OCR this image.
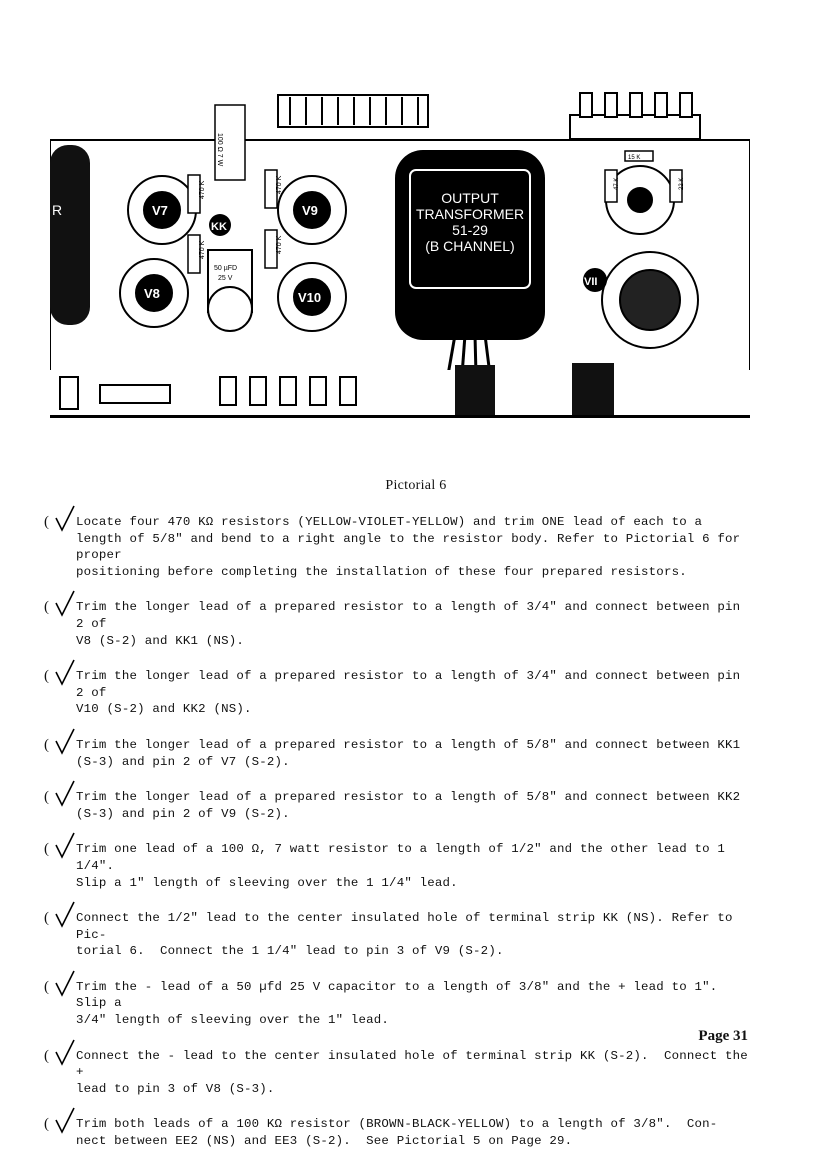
R	V7	V9
V8	V10
VII
KK
470 K	470 K
470 K	470 K
100 Ω 7 W
50 µFD
25 V
OUTPUT
TRANSFORMER
51-29
(B CHANNEL)
47 K	22 K
15 K
Pictorial 6
( Locate four 470 KΩ resistors (YELLOW-VIOLET-YELLOW) and trim ONE lead of each to a
length of 5/8" and bend to a right angle to the resistor body. Refer to Pictorial 6 for proper
positioning before completing the installation of these four prepared resistors.
( Trim the longer lead of a prepared resistor to a length of 3/4" and connect between pin 2 of
V8 (S-2) and KK1 (NS).
( Trim the longer lead of a prepared resistor to a length of 3/4" and connect between pin 2 of
V10 (S-2) and KK2 (NS).
( Trim the longer lead of a prepared resistor to a length of 5/8" and connect between KK1
(S-3) and pin 2 of V7 (S-2).
( Trim the longer lead of a prepared resistor to a length of 5/8" and connect between KK2
(S-3) and pin 2 of V9 (S-2).
( Trim one lead of a 100 Ω, 7 watt resistor to a length of 1/2" and the other lead to 1 1/4".
Slip a 1" length of sleeving over the 1 1/4" lead.
( Connect the 1/2" lead to the center insulated hole of terminal strip KK (NS). Refer to Pic-
torial 6.  Connect the 1 1/4" lead to pin 3 of V9 (S-2).
( Trim the - lead of a 50 µfd 25 V capacitor to a length of 3/8" and the + lead to 1".  Slip a
3/4" length of sleeving over the 1" lead.
( Connect the - lead to the center insulated hole of terminal strip KK (S-2).  Connect the +
lead to pin 3 of V8 (S-3).
( Trim both leads of a 100 KΩ resistor (BROWN-BLACK-YELLOW) to a length of 3/8".  Con-
nect between EE2 (NS) and EE3 (S-2).  See Pictorial 5 on Page 29.
Page 31
